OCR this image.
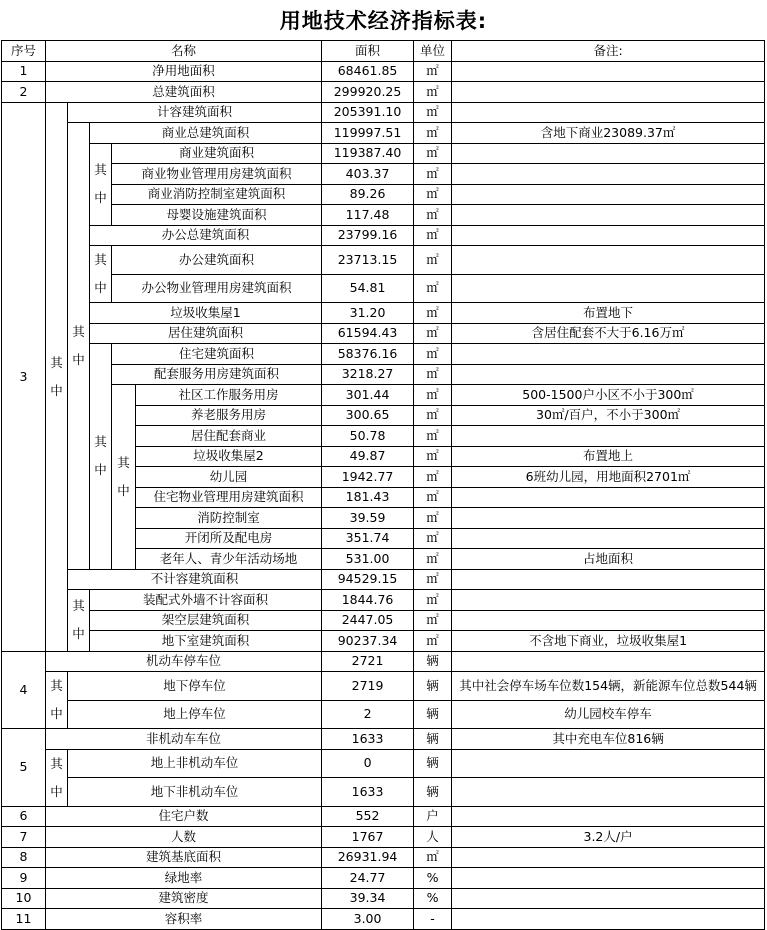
用地技术经济指标表:
序号	名称					面积	单位	备注:
1	净用地面积					68461.85	㎡	
2	总建筑面积					299920.25	㎡	
3	其中	计容建筑面积				205391.10	㎡	
		其中	商业总建筑面积			119997.51	㎡	含地下商业23089.37㎡
			其中	商业建筑面积		119387.40	㎡	
				商业物业管理用房建筑面积		403.37	㎡	
				商业消防控制室建筑面积		89.26	㎡	
				母婴设施建筑面积		117.48	㎡	
			办公总建筑面积			23799.16	㎡	
			其中	办公建筑面积		23713.15	㎡	
				办公物业管理用房建筑面积		54.81	㎡	
			垃圾收集屋1			31.20	㎡	布置地下
			居住建筑面积			61594.43	㎡	含居住配套不大于6.16万㎡
			其中	住宅建筑面积		58376.16	㎡	
				配套服务用房建筑面积		3218.27	㎡	
				其中	社区工作服务用房	301.44	㎡	500-1500户小区不小于300㎡
					养老服务用房	300.65	㎡	30㎡/百户，不小于300㎡
					居住配套商业	50.78	㎡	
					垃圾收集屋2	49.87	㎡	布置地上
					幼儿园	1942.77	㎡	6班幼儿园，用地面积2701㎡
					住宅物业管理用房建筑面积	181.43	㎡	
					消防控制室	39.59	㎡	
					开闭所及配电房	351.74	㎡	
					老年人、青少年活动场地	531.00	㎡	占地面积
		不计容建筑面积				94529.15	㎡	
		其中	装配式外墙不计容面积			1844.76	㎡	
			架空层建筑面积			2447.05	㎡	
			地下室建筑面积			90237.34	㎡	不含地下商业，垃圾收集屋1
4	机动车停车位					2721	辆	
	其中	地下停车位				2719	辆	其中社会停车场车位数154辆，新能源车位总数544辆
		地上停车位				2	辆	幼儿园校车停车
5	非机动车车位					1633	辆	其中充电车位816辆
	其中	地上非机动车位				0	辆	
		地下非机动车位				1633	辆	
6	住宅户数					552	户	
7	人数					1767	人	3.2人/户
8	建筑基底面积					26931.94	㎡	
9	绿地率					24.77	%	
10	建筑密度					39.34	%	
11	容积率					3.00	-	
